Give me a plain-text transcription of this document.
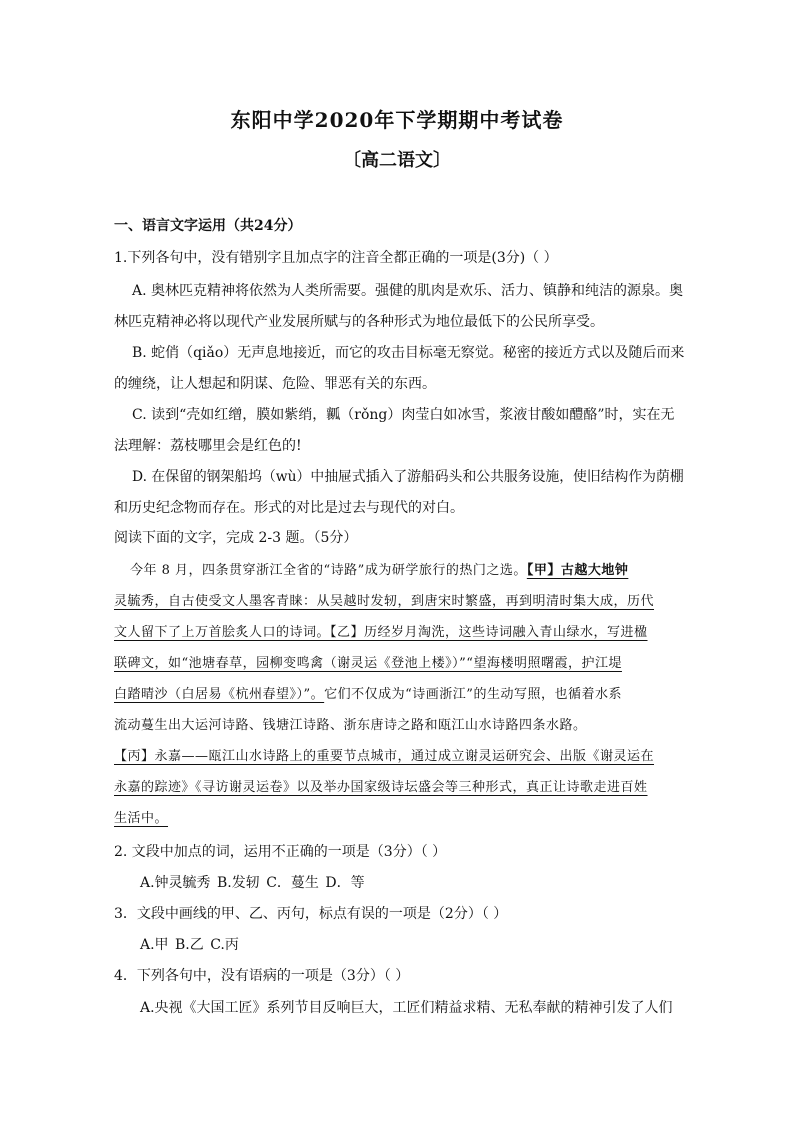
东阳中学2020年下学期期中考试卷
〔高二语文〕
一、语言文字运用（共24分）
1.下列各句中，没有错别字且加点字的注音全都正确的一项是(3分)（ ）
A. 奥林匹克精神将依然为人类所需要。强健的肌肉是欢乐、活力、镇静和纯洁的源泉。奥
林匹克精神必将以现代产业发展所赋与的各种形式为地位最低下的公民所享受。
B. 蛇俏（qiǎo）无声息地接近，而它的攻击目标毫无察觉。秘密的接近方式以及随后而来
的缠绕，让人想起和阴谋、危险、罪恶有关的东西。
C. 读到“壳如红缯，膜如紫绡，瓤（rǒng）肉莹白如冰雪，浆液甘酸如醴酪”时，实在无
法理解：荔枝哪里会是红色的!
D. 在保留的钢架船坞（wù）中抽屉式插入了游船码头和公共服务设施，使旧结构作为荫棚
和历史纪念物而存在。形式的对比是过去与现代的对白。
阅读下面的文字，完成 2-3 题。（5分）
今年 8 月，四条贯穿浙江全省的“诗路”成为研学旅行的热门之选。【甲】古越大地钟
灵毓秀，自古使受文人墨客青睐：从吴越时发轫，到唐宋时繁盛，再到明清时集大成，历代
文人留下了上万首脍炙人口的诗词。【乙】历经岁月淘洗，这些诗词融入青山绿水，写进楹
联碑文，如“池塘春草，园柳变鸣禽（谢灵运《登池上楼》）”“望海楼明照曙霞，护江堤
白踏晴沙（白居易《杭州春望》）”。它们不仅成为“诗画浙江”的生动写照，也循着水系
流动蔓生出大运河诗路、钱塘江诗路、浙东唐诗之路和瓯江山水诗路四条水路。
【丙】永嘉——瓯江山水诗路上的重要节点城市，通过成立谢灵运研究会、出版《谢灵运在
永嘉的踪迹》《寻访谢灵运卷》以及举办国家级诗坛盛会等三种形式，真正让诗歌走进百姓
生活中。
2. 文段中加点的词，运用不正确的一项是（3分）（ ）
A.钟灵毓秀 B.发轫 C．蔓生 D．等
3．文段中画线的甲、乙、丙句，标点有误的一项是（2分）（ ）
A.甲 B.乙 C.丙
4．下列各句中，没有语病的一项是（3分）（ ）
A.央视《大国工匠》系列节目反响巨大，工匠们精益求精、无私奉献的精神引发了人们
